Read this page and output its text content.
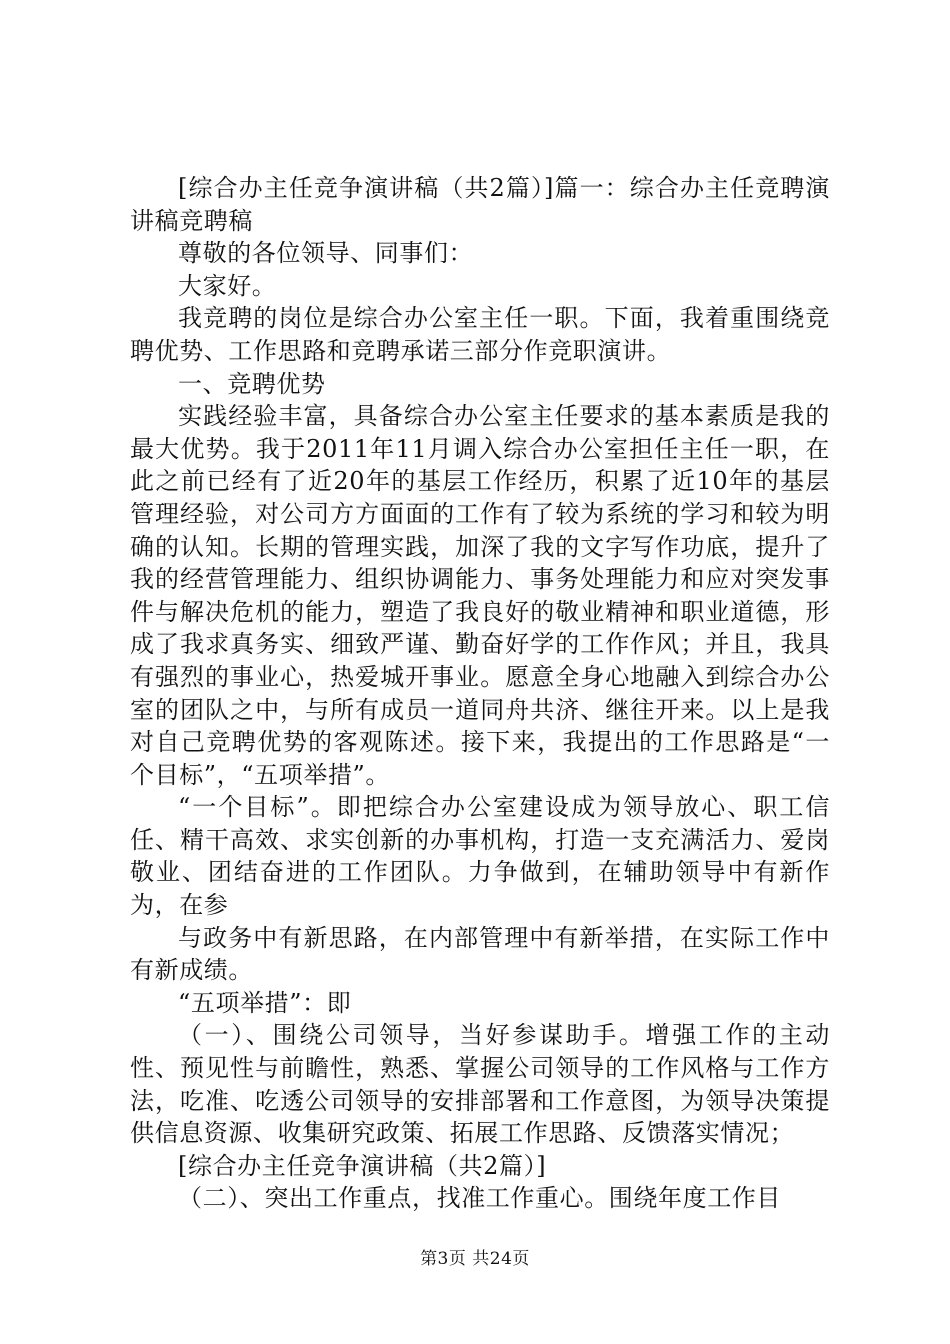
[综合办主任竞争演讲稿（共2篇）]篇一：综合办主任竞聘演讲稿竞聘稿

尊敬的各位领导、同事们：

大家好。

我竞聘的岗位是综合办公室主任一职。下面，我着重围绕竞聘优势、工作思路和竞聘承诺三部分作竞职演讲。

一、竞聘优势

实践经验丰富，具备综合办公室主任要求的基本素质是我的最大优势。我于2011年11月调入综合办公室担任主任一职，在此之前已经有了近20年的基层工作经历，积累了近10年的基层管理经验，对公司方方面面的工作有了较为系统的学习和较为明确的认知。长期的管理实践，加深了我的文字写作功底，提升了我的经营管理能力、组织协调能力、事务处理能力和应对突发事件与解决危机的能力，塑造了我良好的敬业精神和职业道德，形成了我求真务实、细致严谨、勤奋好学的工作作风；并且，我具有强烈的事业心，热爱城开事业。愿意全身心地融入到综合办公室的团队之中，与所有成员一道同舟共济、继往开来。以上是我对自己竞聘优势的客观陈述。接下来，我提出的工作思路是“一个目标”，“五项举措”。

“一个目标”。即把综合办公室建设成为领导放心、职工信任、精干高效、求实创新的办事机构，打造一支充满活力、爱岗敬业、团结奋进的工作团队。力争做到，在辅助领导中有新作为，在参

与政务中有新思路，在内部管理中有新举措，在实际工作中有新成绩。

“五项举措”：即

（一）、围绕公司领导，当好参谋助手。增强工作的主动性、预见性与前瞻性，熟悉、掌握公司领导的工作风格与工作方法，吃准、吃透公司领导的安排部署和工作意图，为领导决策提供信息资源、收集研究政策、拓展工作思路、反馈落实情况；

[综合办主任竞争演讲稿（共2篇）]

（二）、突出工作重点，找准工作重心。围绕年度工作目

第3页 共24页
